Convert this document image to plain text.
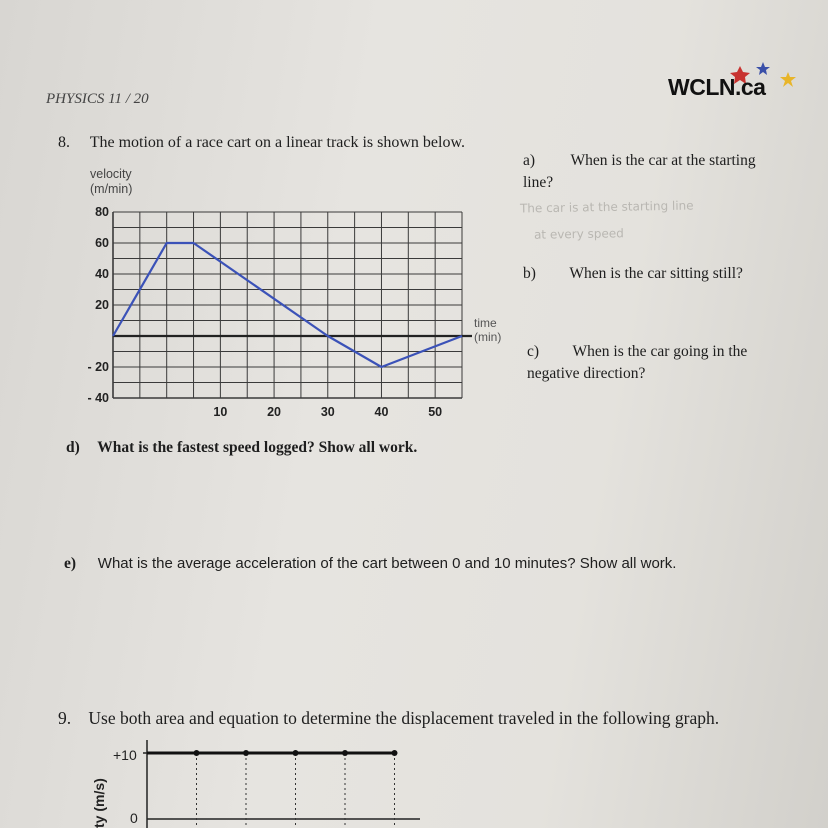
PHYSICS 11 / 20	WCLN.ca
8. The motion of a race cart on a linear track is shown below.
velocity
(m/min)
80
60
40
20
- 20
- 40
10	20	30	40	50
time
(min)
a) When is the car at the starting
line?
The car is at the starting line
at every speed
b) When is the car sitting still?
c) When is the car going in the
negative direction?
d) What is the fastest speed logged? Show all work.
e) What is the average acceleration of the cart between 0 and 10 minutes? Show all work.
9. Use both area and equation to determine the displacement traveled in the following graph.
ty (m/s)
+10
0
